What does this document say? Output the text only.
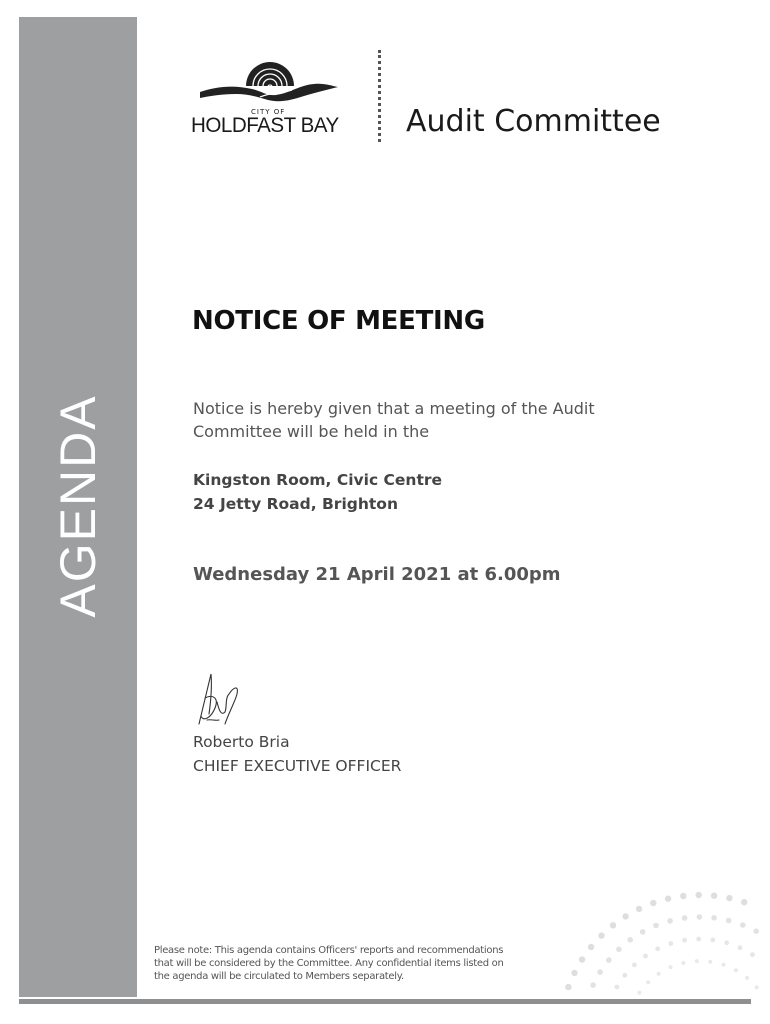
AGENDA
CITY OF
HOLDFAST BAY Audit Committee
NOTICE OF MEETING
Notice is hereby given that a meeting of the Audit
Committee will be held in the
Kingston Room, Civic Centre
24 Jetty Road, Brighton
Wednesday 21 April 2021 at 6.00pm
Roberto Bria
CHIEF EXECUTIVE OFFICER
Please note: This agenda contains Officers' reports and recommendations
that will be considered by the Committee. Any confidential items listed on
the agenda will be circulated to Members separately.
